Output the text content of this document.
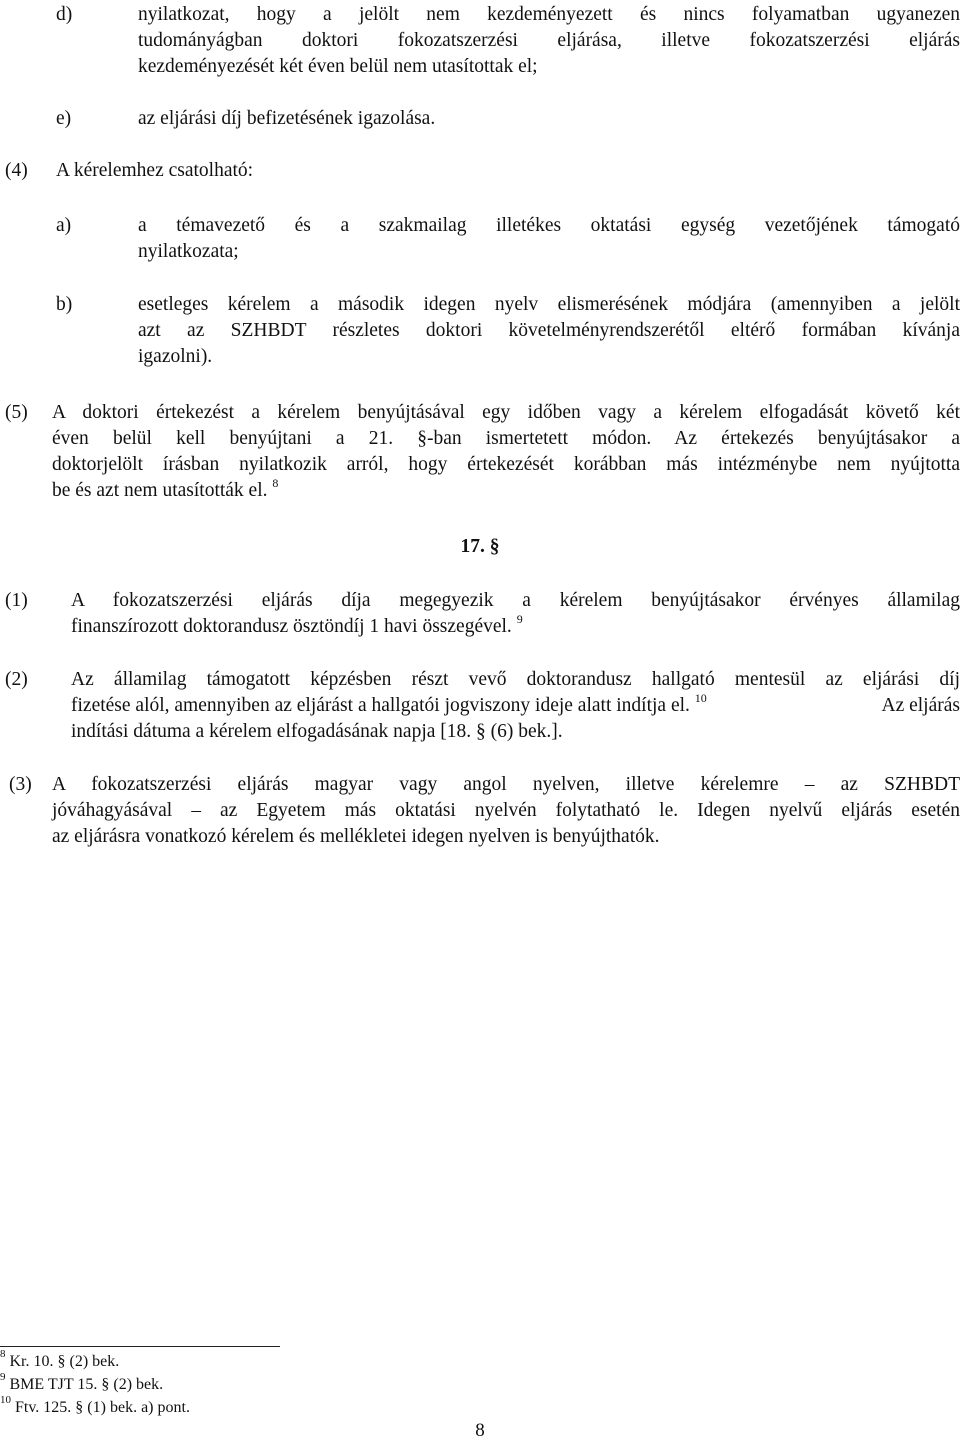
d)	nyilatkozat, hogy a jelölt nem kezdeményezett és nincs folyamatban ugyanezen
tudományágban doktori fokozatszerzési eljárása, illetve fokozatszerzési eljárás
kezdeményezését két éven belül nem utasítottak el;
e)	az eljárási díj befizetésének igazolása.
(4) A kérelemhez csatolható:
a)	a témavezető és a szakmailag illetékes oktatási egység vezetőjének támogató
nyilatkozata;
b)	esetleges kérelem a második idegen nyelv elismerésének módjára (amennyiben a jelölt
azt az SZHBDT részletes doktori követelményrendszerétől eltérő formában kívánja
igazolni).
(5) A doktori értekezést a kérelem benyújtásával egy időben vagy a kérelem elfogadását követő két
éven belül kell benyújtani a 21. §-ban ismertetett módon. Az értekezés benyújtásakor a
doktorjelölt írásban nyilatkozik arról, hogy értekezését korábban más intézménybe nem nyújtotta
be és azt nem utasították el. $^8$
17. §
(1) A fokozatszerzési eljárás díja megegyezik a kérelem benyújtásakor érvényes államilag
finanszírozott doktorandusz ösztöndíj 1 havi összegével. $^9$
(2) Az államilag támogatott képzésben részt vevő doktorandusz hallgató mentesül az eljárási díj
fizetése alól, amennyiben az eljárást a hallgatói jogviszony ideje alatt indítja el. $^{10}$	Az eljárás
indítási dátuma a kérelem elfogadásának napja [18. § (6) bek.].
(3) A fokozatszerzési eljárás magyar vagy angol nyelven, illetve kérelemre – az SZHBDT
jóváhagyásával – az Egyetem más oktatási nyelvén folytatható le. Idegen nyelvű eljárás esetén
az eljárásra vonatkozó kérelem és mellékletei idegen nyelven is benyújthatók.
$^8$ Kr. 10. § (2) bek.
$^9$ BME TJT 15. § (2) bek.
$^{10}$ Ftv. 125. § (1) bek. a) pont.
8
